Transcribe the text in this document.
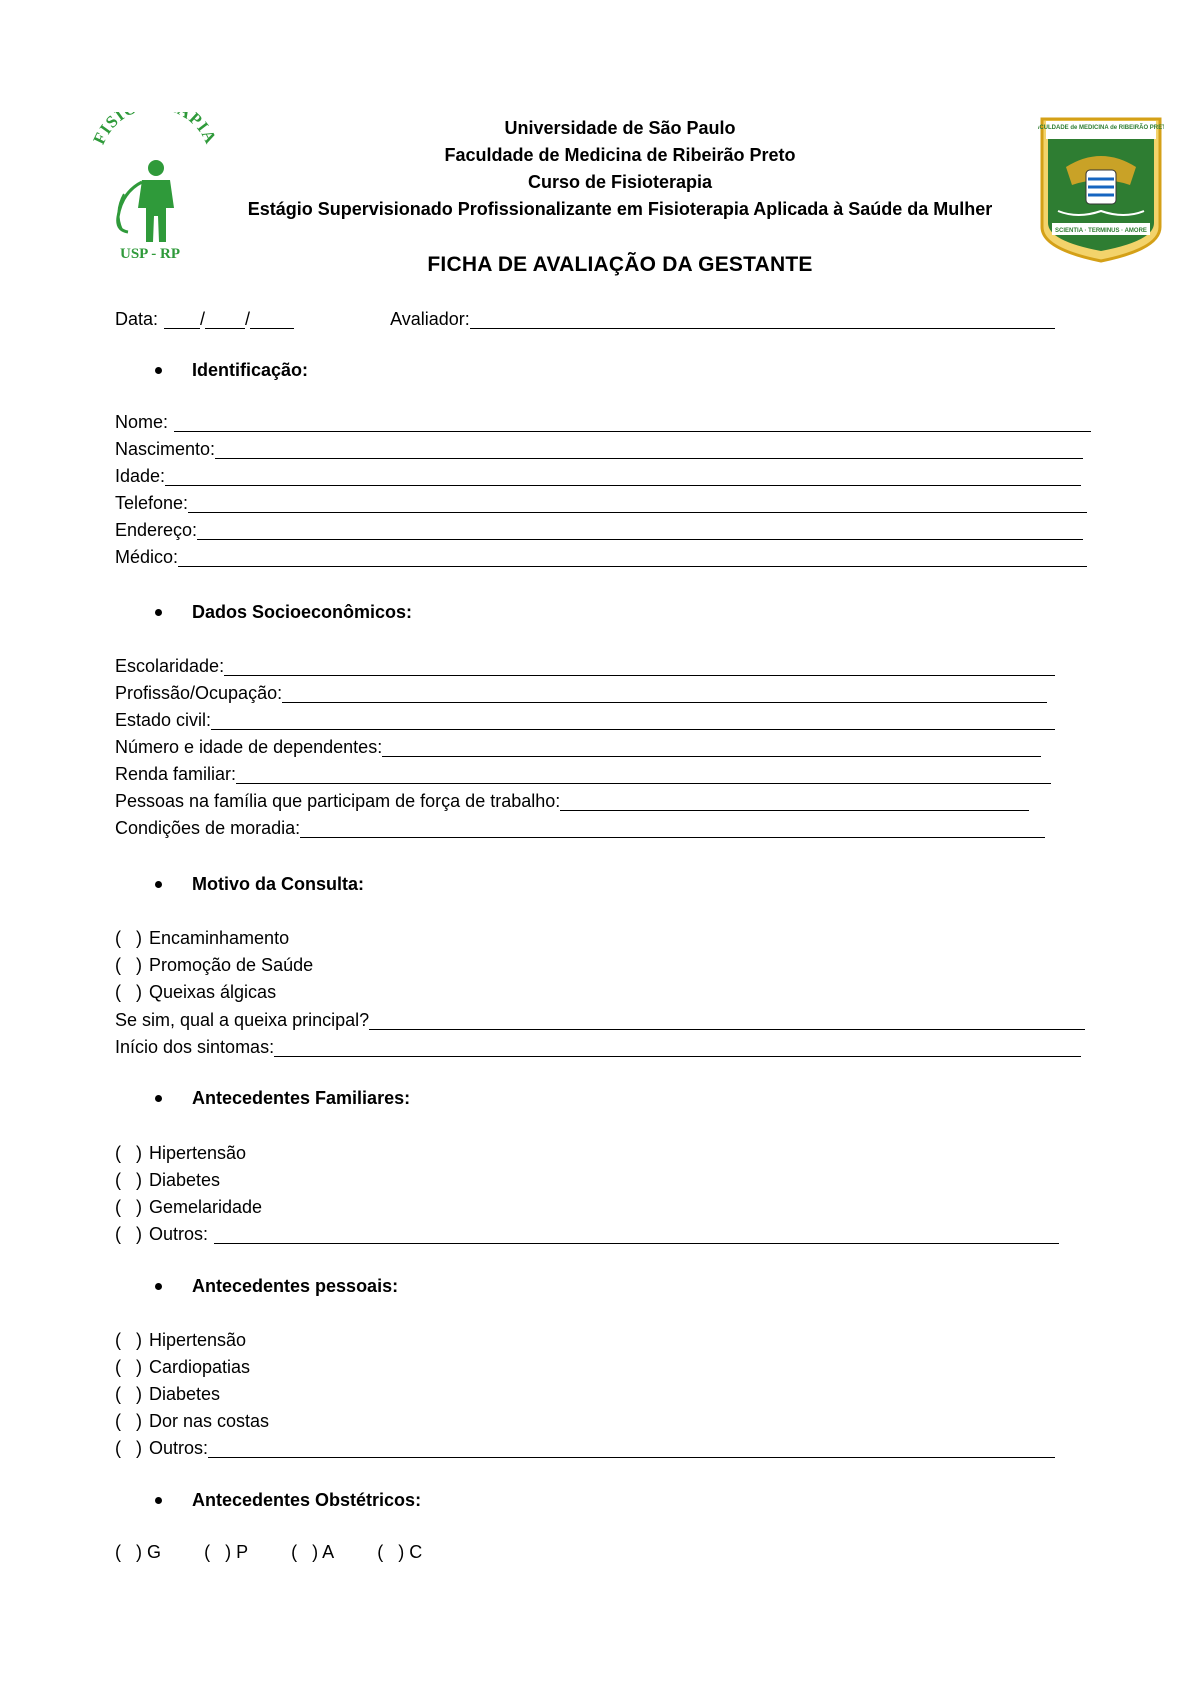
FISI PI
USP - RP
FACULDADE de MEDICINA de RIBEIRÃO PRETO
SCIENTIA · TERMINUS · AMORE
Universidade de São Paulo
Faculdade de Medicina de Ribeirão Preto
Curso de Fisioterapia
Estágio Supervisionado Profissionalizante em Fisioterapia Aplicada à Saúde da Mulher
FICHA DE AVALIAÇÃO DA GESTANTE
Data: / /	Avaliador:
Identificação:
Nome:
Nascimento:
Idade:
Telefone:
Endereço:
Médico:
Dados Socioeconômicos:
Escolaridade:
Profissão/Ocupação:
Estado civil:
Número e idade de dependentes:
Renda familiar:
Pessoas na família que participam de força de trabalho:
Condições de moradia:
Motivo da Consulta:
( ) Encaminhamento
( ) Promoção de Saúde
( ) Queixas álgicas
Se sim, qual a queixa principal?
Início dos sintomas:
Antecedentes Familiares:
( ) Hipertensão
( ) Diabetes
( ) Gemelaridade
( ) Outros:
Antecedentes pessoais:
( ) Hipertensão
( ) Cardiopatias
( ) Diabetes
( ) Dor nas costas
( ) Outros:
Antecedentes Obstétricos:
( ) G ( ) P ( ) A ( ) C
